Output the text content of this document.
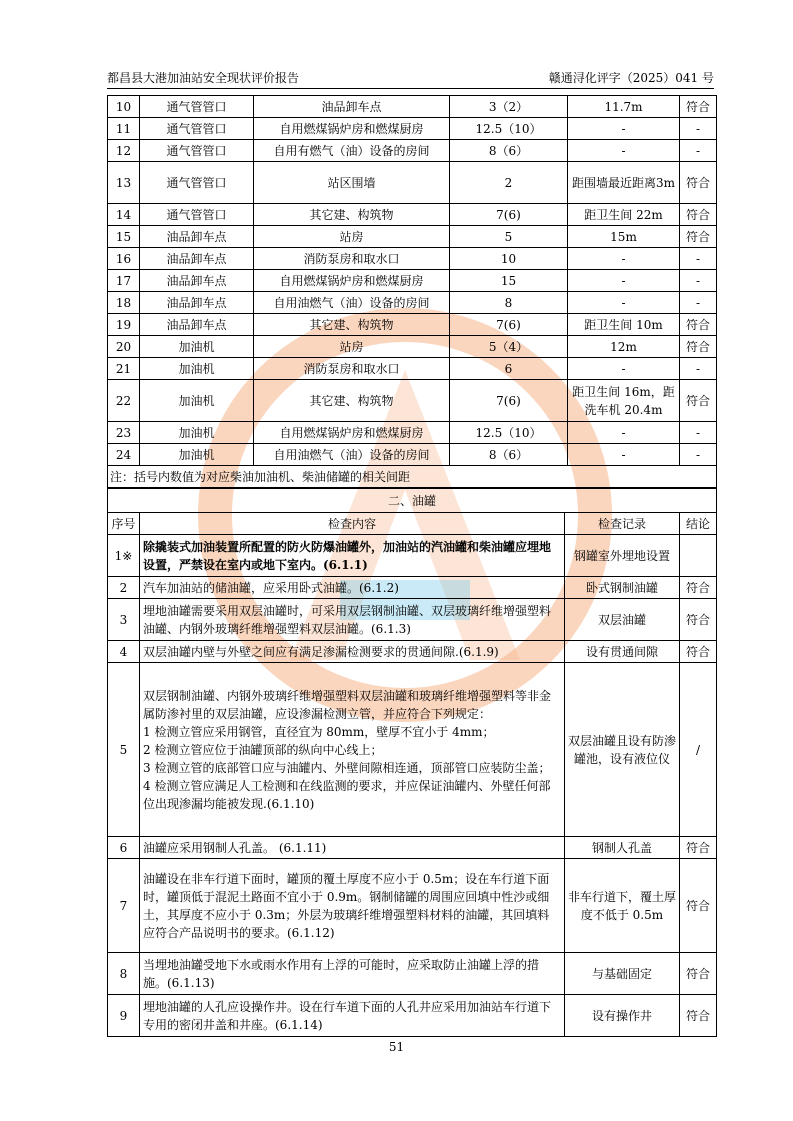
都昌县大港加油站安全现状评价报告	赣通浔化评字（2025）041 号
10	通气管管口	油品卸车点	3（2）	11.7m	符合
11	通气管管口	自用燃煤锅炉房和燃煤厨房	12.5（10）	-	-
12	通气管管口	自用有燃气（油）设备的房间	8（6）	-	-
13	通气管管口	站区围墙	2	距围墙最近距离3m	符合
14	通气管管口	其它建、构筑物	7(6)	距卫生间 22m	符合
15	油品卸车点	站房	5	15m	符合
16	油品卸车点	消防泵房和取水口	10	-	-
17	油品卸车点	自用燃煤锅炉房和燃煤厨房	15	-	-
18	油品卸车点	自用油燃气（油）设备的房间	8	-	-
19	油品卸车点	其它建、构筑物	7(6)	距卫生间 10m	符合
20	加油机	站房	5（4）	12m	符合
21	加油机	消防泵房和取水口	6	-	-
22	加油机	其它建、构筑物	7(6)	距卫生间 16m，距洗车机 20.4m	符合
23	加油机	自用燃煤锅炉房和燃煤厨房	12.5（10）	-	-
24	加油机	自用油燃气（油）设备的房间	8（6）	-	-
注：括号内数值为对应柴油加油机、柴油储罐的相关间距					
二、油罐			
序号	检查内容	检查记录	结论
1※	除撬装式加油装置所配置的防火防爆油罐外，加油站的汽油罐和柴油罐应埋地设置，严禁设在室内或地下室内。(6.1.1)	钢罐室外埋地设置	
2	汽车加油站的储油罐，应采用卧式油罐。(6.1.2)	卧式钢制油罐	符合
3	埋地油罐需要采用双层油罐时，可采用双层钢制油罐、双层玻璃纤维增强塑料油罐、内钢外玻璃纤维增强塑料双层油罐。(6.1.3)	双层油罐	符合
4	双层油罐内壁与外壁之间应有满足渗漏检测要求的贯通间隙.(6.1.9)	设有贯通间隙	符合
5	双层钢制油罐、内钢外玻璃纤维增强塑料双层油罐和玻璃纤维增强塑料等非金属防渗衬里的双层油罐，应设渗漏检测立管，并应符合下列规定：
1 检测立管应采用钢管，直径宜为 80mm，壁厚不宜小于 4mm；
2 检测立管应位于油罐顶部的纵向中心线上；
3 检测立管的底部管口应与油罐内、外壁间隙相连通，顶部管口应装防尘盖；
4 检测立管应满足人工检测和在线监测的要求，并应保证油罐内、外壁任何部位出现渗漏均能被发现.(6.1.10)	双层油罐且设有防渗罐池，设有液位仪	/
6	油罐应采用钢制人孔盖。 (6.1.11)	钢制人孔盖	符合
7	油罐设在非车行道下面时，罐顶的覆土厚度不应小于 0.5m；设在车行道下面时，罐顶低于混泥土路面不宜小于 0.9m。钢制储罐的周围应回填中性沙或细土，其厚度不应小于 0.3m；外层为玻璃纤维增强塑料材料的油罐，其回填料应符合产品说明书的要求。(6.1.12)	非车行道下，覆土厚度不低于 0.5m	符合
8	当埋地油罐受地下水或雨水作用有上浮的可能时，应采取防止油罐上浮的措施。(6.1.13)	与基础固定	符合
9	埋地油罐的人孔应设操作井。设在行车道下面的人孔井应采用加油站车行道下专用的密闭井盖和井座。(6.1.14)	设有操作井	符合
51
